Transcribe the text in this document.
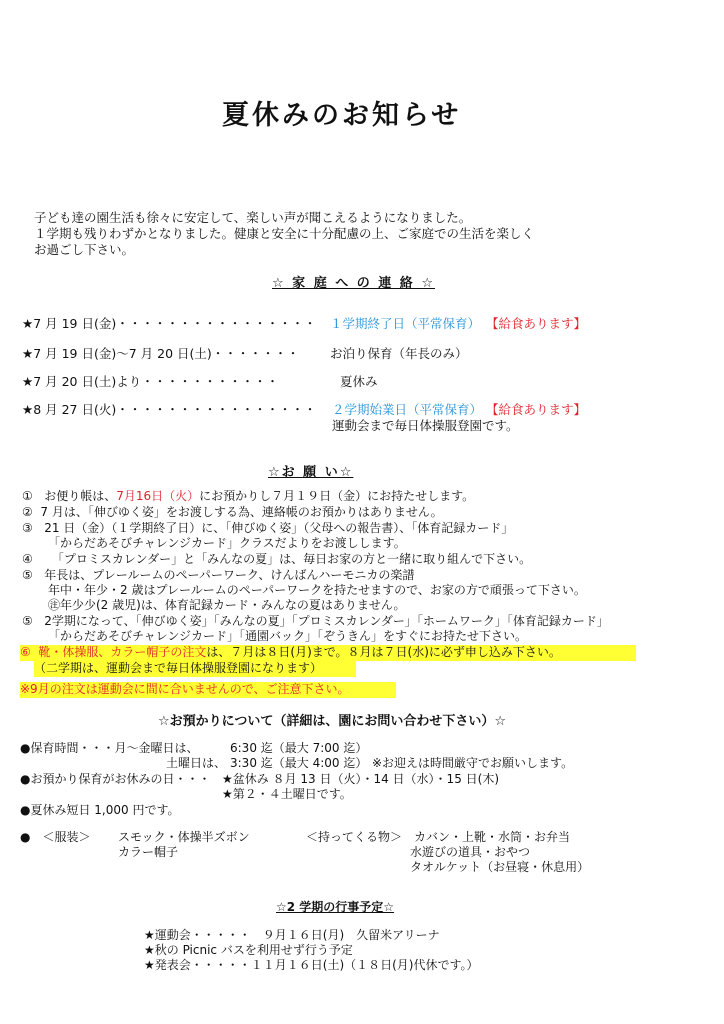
夏休みのお知らせ
子ども達の園生活も徐々に安定して、楽しい声が聞こえるようになりました。
１学期も残りわずかとなりました。健康と安全に十分配慮の上、ご家庭での生活を楽しく
お過ごし下さい。
☆ 家 庭 へ の 連 絡 ☆
★7 月 19 日(金)・・・・・・・・・・・・・・・・ １学期終了日（平常保育） 【給食あります】
★7 月 19 日(金)～7 月 20 日(土)・・・・・・・ お泊り保育（年長のみ）
★7 月 20 日(土)より・・・・・・・・・・・	夏休み
★8 月 27 日(火)・・・・・・・・・・・・・・・・ ２学期始業日（平常保育） 【給食あります】
運動会まで毎日体操服登園です。
☆お 願 い☆
① お便り帳は、7月16日（火）にお預かりし７月１９日（金）にお持たせします。
② 7 月は、「伸びゆく姿」をお渡しする為、連絡帳のお預かりはありません。
③ 21 日（金）（１学期終了日）に、「伸びゆく姿」（父母への報告書）、「体育記録カード」
「からだあそびチャレンジカード」クラスだよりをお渡しします。
④ 「プロミスカレンダー」と「みんなの夏」は、毎日お家の方と一緒に取り組んで下さい。
⑤ 年長は、プレールームのペーパーワーク、けんばんハーモニカの楽譜
年中・年少・2 歳はプレールームのペーパーワークを持たせますので、お家の方で頑張って下さい。
㊟年少少(2 歳児)は、体育記録カード・みんなの夏はありません。
⑤ 2学期になって、「伸びゆく姿」「みんなの夏」「プロミスカレンダー」「ホームワーク」「体育記録カード」
「からだあそびチャレンジカード」「通園バック」「ぞうきん」をすぐにお持たせ下さい。
⑥ 靴・体操服、カラー帽子の注文は、７月は８日(月)まで。８月は７日(水)に必ず申し込み下さい。
（二学期は、運動会まで毎日体操服登園になります）
※9月の注文は運動会に間に合いませんので、ご注意下さい。
☆お預かりについて（詳細は、園にお問い合わせ下さい）☆
●保育時間・・・月～金曜日は、	6:30 迄（最大 7:00 迄）
土曜日は、 3:30 迄（最大 4:00 迄） ※お迎えは時間厳守でお願いします。
●お預かり保育がお休みの日・・・ ★盆休み ８月 13 日（火）・14 日（水）・15 日(木)
★第２・４土曜日です。
●夏休み短日 1,000 円です。
●　＜服装＞ スモック・体操半ズボン
カラー帽子
＜持ってくる物＞ カバン・上靴・水筒・お弁当
水遊びの道具・おやつ
タオルケット（お昼寝・休息用）
☆2 学期の行事予定☆
★運動会・・・・・　９月１６日(月)　久留米アリーナ
★秋の Picnic バスを利用せず行う予定
★発表会・・・・・１１月１６日(土)（１８日(月)代休です。）
